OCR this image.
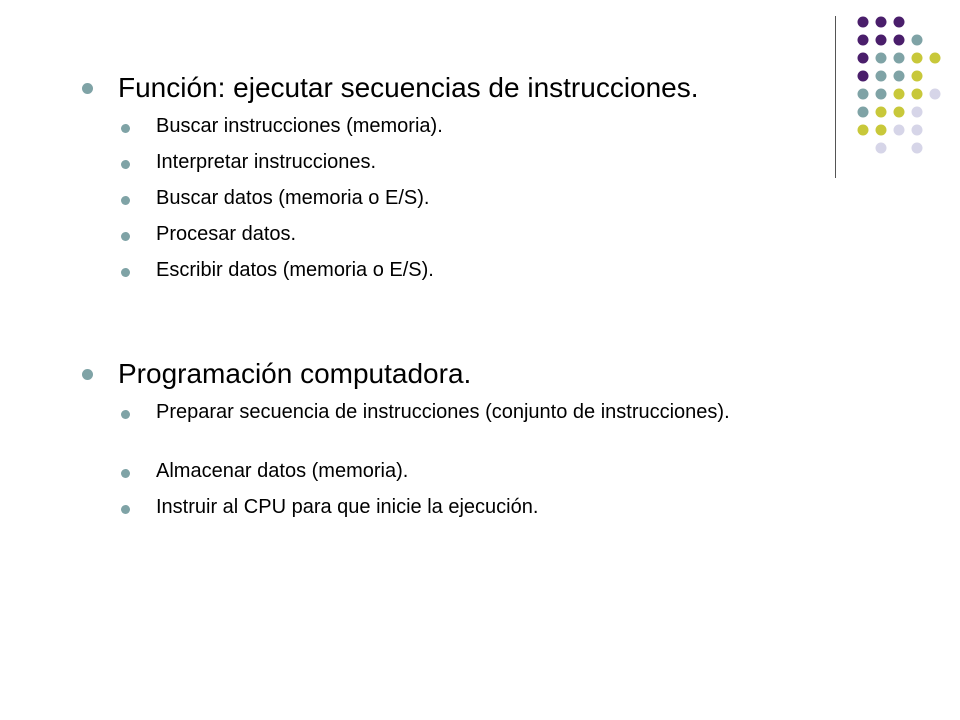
Función: ejecutar secuencias de instrucciones.
Buscar instrucciones (memoria).
Interpretar instrucciones.
Buscar datos (memoria o E/S).
Procesar datos.
Escribir datos (memoria o E/S).
Programación computadora.
Preparar secuencia de instrucciones (conjunto de instrucciones).
Almacenar datos (memoria).
Instruir al CPU para que inicie la ejecución.
